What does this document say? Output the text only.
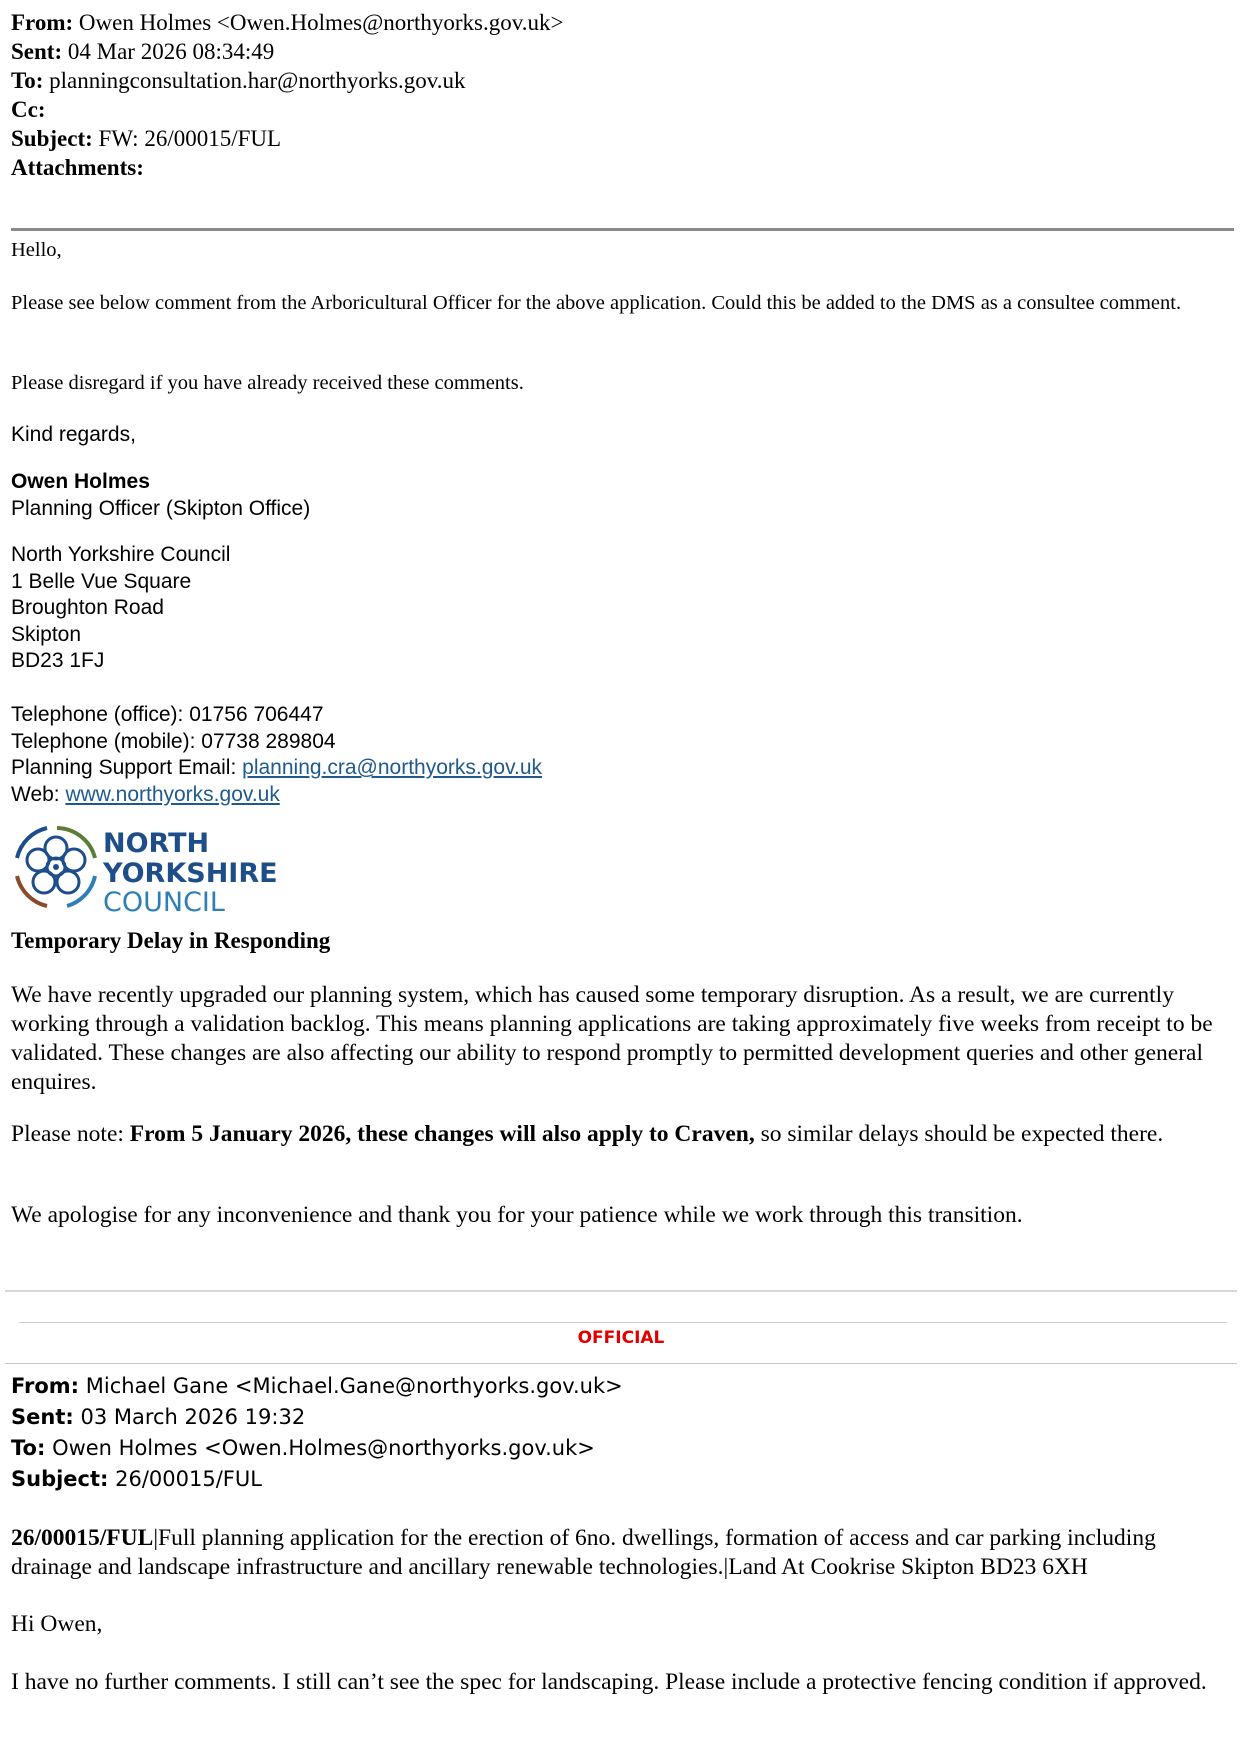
From: Owen Holmes <Owen.Holmes@northyorks.gov.uk>
Sent: 04 Mar 2026 08:34:49
To: planningconsultation.har@northyorks.gov.uk
Cc:
Subject: FW: 26/00015/FUL
Attachments:
Hello,
Please see below comment from the Arboricultural Officer for the above application. Could this be added to the DMS as a consultee comment.
Please disregard if you have already received these comments.
Kind regards,
Owen Holmes
Planning Officer (Skipton Office)
North Yorkshire Council
1 Belle Vue Square
Broughton Road
Skipton
BD23 1FJ
Telephone (office): 01756 706447
Telephone (mobile): 07738 289804
Planning Support Email: planning.cra@northyorks.gov.uk
Web: www.northyorks.gov.uk
NORTH
YORKSHIRE
COUNCIL
Temporary Delay in Responding
We have recently upgraded our planning system, which has caused some temporary disruption. As a result, we are currently working through a validation backlog. This means planning applications are taking approximately five weeks from receipt to be validated. These changes are also affecting our ability to respond promptly to permitted development queries and other general enquires.
Please note: From 5 January 2026, these changes will also apply to Craven, so similar delays should be expected there.
We apologise for any inconvenience and thank you for your patience while we work through this transition.
OFFICIAL
From: Michael Gane <Michael.Gane@northyorks.gov.uk>
Sent: 03 March 2026 19:32
To: Owen Holmes <Owen.Holmes@northyorks.gov.uk>
Subject: 26/00015/FUL
26/00015/FUL|Full planning application for the erection of 6no. dwellings, formation of access and car parking including drainage and landscape infrastructure and ancillary renewable technologies.|Land At Cookrise Skipton BD23 6XH
Hi Owen,
I have no further comments. I still can’t see the spec for landscaping. Please include a protective fencing condition if approved.
